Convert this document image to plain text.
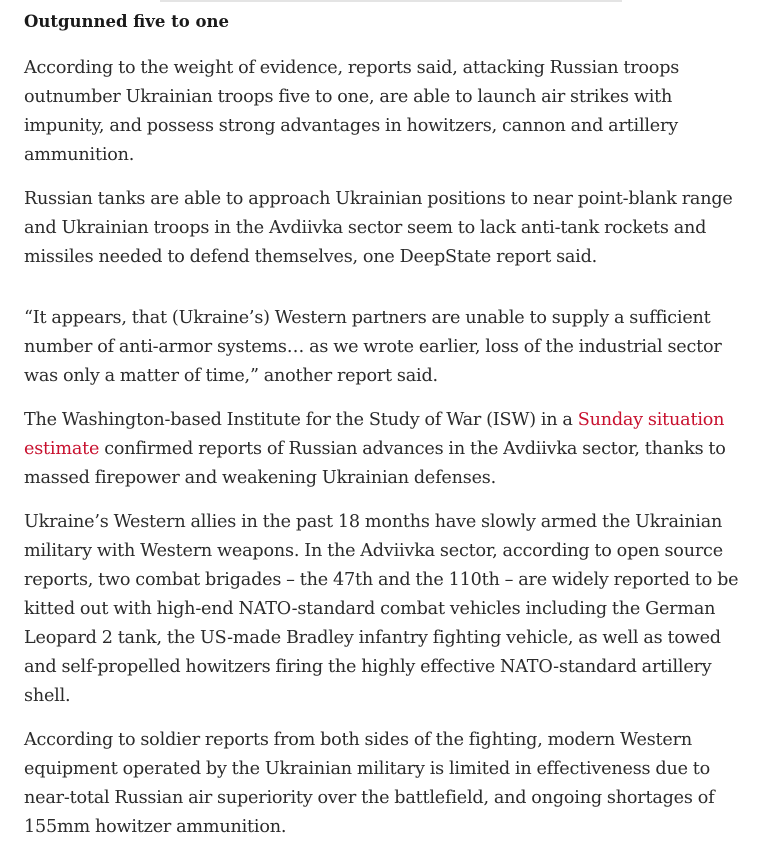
Outgunned five to one

According to the weight of evidence, reports said, attacking Russian troops outnumber Ukrainian troops five to one, are able to launch air strikes with impunity, and possess strong advantages in howitzers, cannon and artillery ammunition.

Russian tanks are able to approach Ukrainian positions to near point-blank range and Ukrainian troops in the Avdiivka sector seem to lack anti-tank rockets and missiles needed to defend themselves, one DeepState report said.

“It appears, that (Ukraine’s) Western partners are unable to supply a sufficient number of anti-armor systems… as we wrote earlier, loss of the industrial sector was only a matter of time,” another report said.

The Washington-based Institute for the Study of War (ISW) in a Sunday situation estimate confirmed reports of Russian advances in the Avdiivka sector, thanks to massed firepower and weakening Ukrainian defenses.

Ukraine’s Western allies in the past 18 months have slowly armed the Ukrainian military with Western weapons. In the Adviivka sector, according to open source reports, two combat brigades – the 47th and the 110th – are widely reported to be kitted out with high-end NATO-standard combat vehicles including the German Leopard 2 tank, the US-made Bradley infantry fighting vehicle, as well as towed and self-propelled howitzers firing the highly effective NATO-standard artillery shell.

According to soldier reports from both sides of the fighting, modern Western equipment operated by the Ukrainian military is limited in effectiveness due to near-total Russian air superiority over the battlefield, and ongoing shortages of 155mm howitzer ammunition.
